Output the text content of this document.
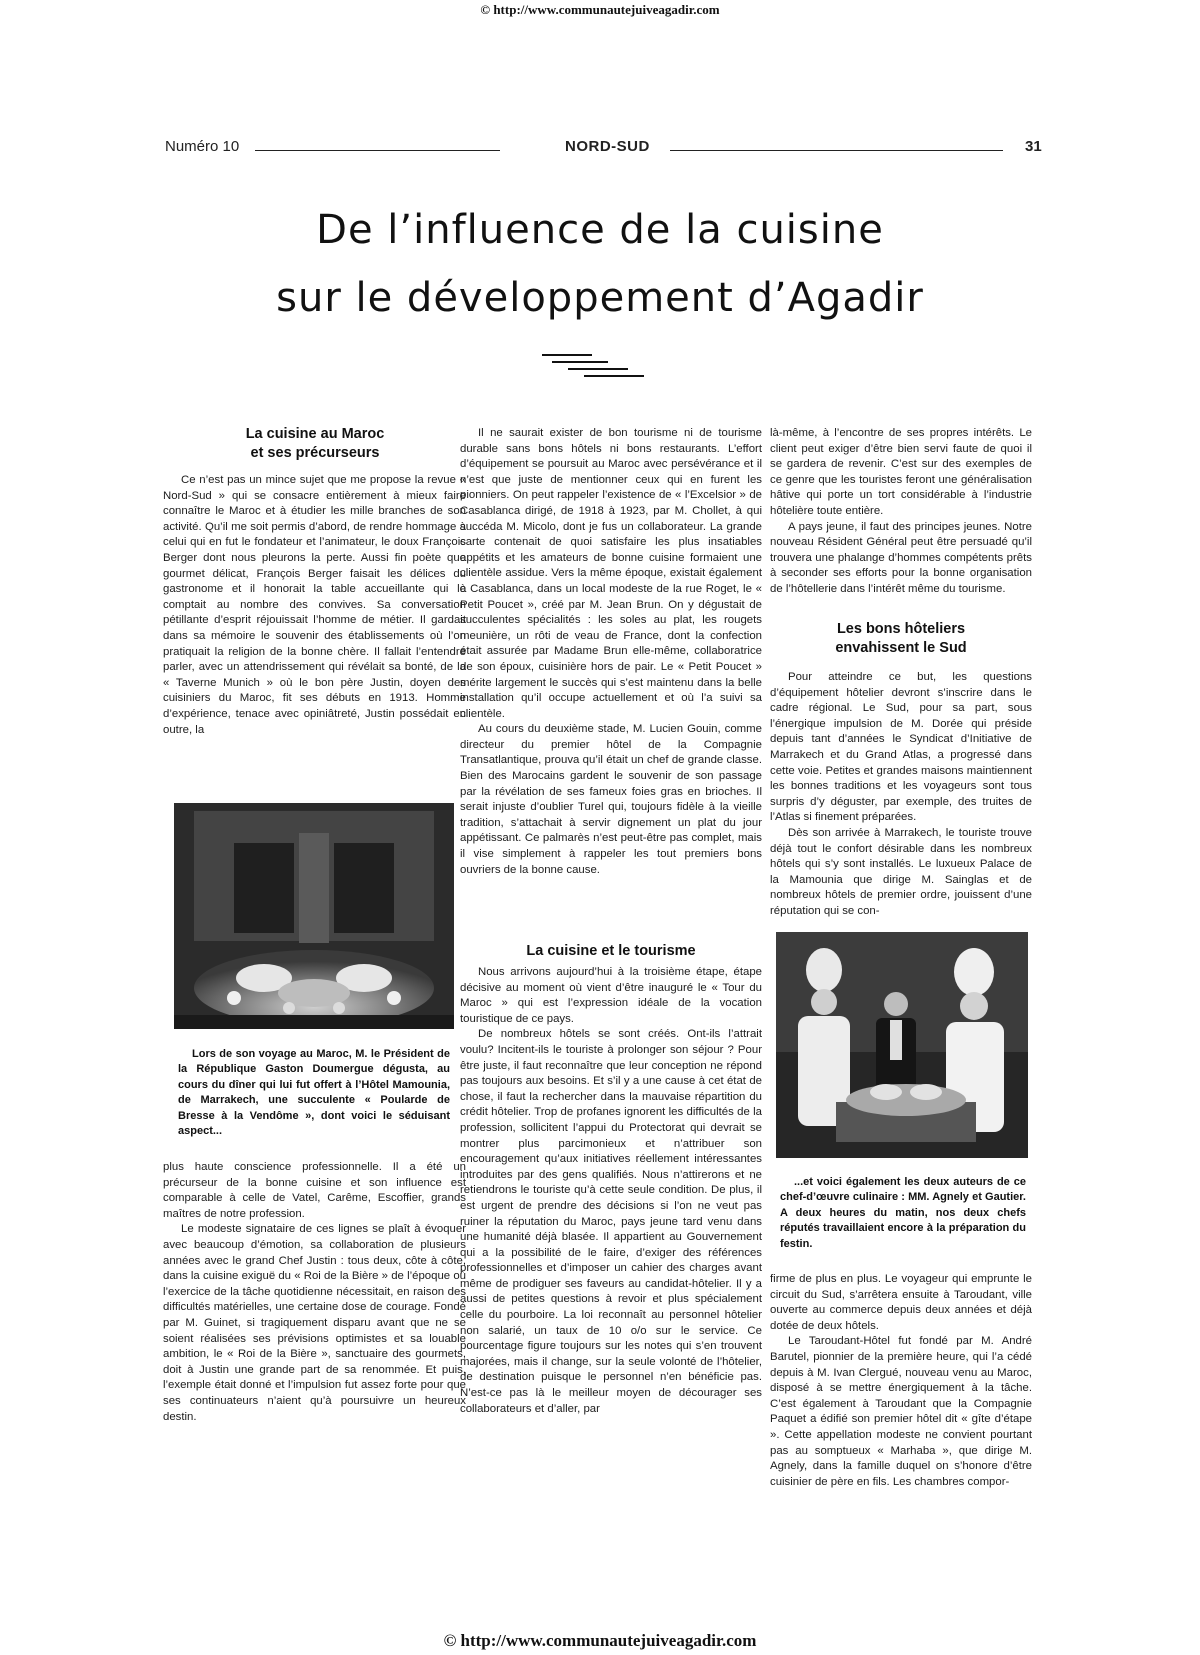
© http://www.communautejuiveagadir.com
Numéro 10	NORD-SUD	31
De l’influence de la cuisine
sur le développement d’Agadir
La cuisine au Maroc
et ses précurseurs

Ce n’est pas un mince sujet que me propose la revue « Nord-Sud » qui se consacre entièrement à mieux faire connaître le Maroc et à étudier les mille branches de son activité. Qu’il me soit permis d’abord, de rendre hommage à celui qui en fut le fondateur et l’animateur, le doux François Berger dont nous pleurons la perte. Aussi fin poète que gourmet délicat, François Berger faisait les délices du gastronome et il honorait la table accueillante qui le comptait au nombre des convives. Sa conversation pétillante d’esprit réjouissait l’homme de métier. Il gardait dans sa mémoire le souvenir des établissements où l’on pratiquait la religion de la bonne chère. Il fallait l’entendre parler, avec un attendrissement qui révélait sa bonté, de la « Taverne Munich » où le bon père Justin, doyen des cuisiniers du Maroc, fit ses débuts en 1913. Homme d’expérience, tenace avec opiniâtreté, Justin possédait en outre, la

Lors de son voyage au Maroc, M. le Président de la République Gaston Doumergue dégusta, au cours du dîner qui lui fut offert à l’Hôtel Mamounia, de Marrakech, une succulente « Poularde de Bresse à la Vendôme », dont voici le séduisant aspect...

plus haute conscience professionnelle. Il a été un précurseur de la bonne cuisine et son influence est comparable à celle de Vatel, Carême, Escoffier, grands maîtres de notre profession.

Le modeste signataire de ces lignes se plaît à évoquer avec beaucoup d’émotion, sa collaboration de plusieurs années avec le grand Chef Justin : tous deux, côte à côte, dans la cuisine exiguë du « Roi de la Bière » de l’époque où l’exercice de la tâche quotidienne nécessitait, en raison des difficultés matérielles, une certaine dose de courage. Fondé par M. Guinet, si tragiquement disparu avant que ne se soient réalisées ses prévisions optimistes et sa louable ambition, le « Roi de la Bière », sanctuaire des gourmets, doit à Justin une grande part de sa renommée. Et puis, l’exemple était donné et l’impulsion fut assez forte pour que ses continuateurs n’aient qu’à poursuivre un heureux destin.

Il ne saurait exister de bon tourisme ni de tourisme durable sans bons hôtels ni bons restaurants. L’effort d’équipement se poursuit au Maroc avec persévérance et il n’est que juste de mentionner ceux qui en furent les pionniers. On peut rappeler l’existence de « l’Excelsior » de Casablanca dirigé, de 1918 à 1923, par M. Chollet, à qui succéda M. Micolo, dont je fus un collaborateur. La grande carte contenait de quoi satisfaire les plus insatiables appétits et les amateurs de bonne cuisine formaient une clientèle assidue. Vers la même époque, existait également à Casablanca, dans un local modeste de la rue Roget, le « Petit Poucet », créé par M. Jean Brun. On y dégustait de succulentes spécialités : les soles au plat, les rougets meunière, un rôti de veau de France, dont la confection était assurée par Madame Brun elle-même, collaboratrice de son époux, cuisinière hors de pair. Le « Petit Poucet » mérite largement le succès qui s’est maintenu dans la belle installation qu’il occupe actuellement et où l’a suivi sa clientèle.

Au cours du deuxième stade, M. Lucien Gouin, comme directeur du premier hôtel de la Compagnie Transatlantique, prouva qu’il était un chef de grande classe. Bien des Marocains gardent le souvenir de son passage par la révélation de ses fameux foies gras en brioches. Il serait injuste d’oublier Turel qui, toujours fidèle à la vieille tradition, s’attachait à servir dignement un plat du jour appétissant. Ce palmarès n’est peut-être pas complet, mais il vise simplement à rappeler les tout premiers bons ouvriers de la bonne cause.

La cuisine et le tourisme

Nous arrivons aujourd’hui à la troisième étape, étape décisive au moment où vient d’être inauguré le « Tour du Maroc » qui est l’expression idéale de la vocation touristique de ce pays.

De nombreux hôtels se sont créés. Ont-ils l’attrait voulu? Incitent-ils le touriste à prolonger son séjour ? Pour être juste, il faut reconnaître que leur conception ne répond pas toujours aux besoins. Et s’il y a une cause à cet état de chose, il faut la rechercher dans la mauvaise répartition du crédit hôtelier. Trop de profanes ignorent les difficultés de la profession, sollicitent l’appui du Protectorat qui devrait se montrer plus parcimonieux et n’attribuer son encouragement qu’aux initiatives réellement intéressantes introduites par des gens qualifiés. Nous n’attirerons et ne retiendrons le touriste qu’à cette seule condition. De plus, il est urgent de prendre des décisions si l’on ne veut pas ruiner la réputation du Maroc, pays jeune tard venu dans une humanité déjà blasée. Il appartient au Gouvernement qui a la possibilité de le faire, d’exiger des références professionnelles et d’imposer un cahier des charges avant même de prodiguer ses faveurs au candidat-hôtelier. Il y a aussi de petites questions à revoir et plus spécialement celle du pourboire. La loi reconnaît au personnel hôtelier non salarié, un taux de 10 o/o sur le service. Ce pourcentage figure toujours sur les notes qui s’en trouvent majorées, mais il change, sur la seule volonté de l’hôtelier, de destination puisque le personnel n’en bénéficie pas. N’est-ce pas là le meilleur moyen de décourager ses collaborateurs et d’aller, par

là-même, à l’encontre de ses propres intérêts. Le client peut exiger d’être bien servi faute de quoi il se gardera de revenir. C’est sur des exemples de ce genre que les touristes feront une généralisation hâtive qui porte un tort considérable à l’industrie hôtelière toute entière.

A pays jeune, il faut des principes jeunes. Notre nouveau Résident Général peut être persuadé qu’il trouvera une phalange d’hommes compétents prêts à seconder ses efforts pour la bonne organisation de l’hôtellerie dans l’intérêt même du tourisme.

Les bons hôteliers
envahissent le Sud

Pour atteindre ce but, les questions d’équipement hôtelier devront s’inscrire dans le cadre régional. Le Sud, pour sa part, sous l’énergique impulsion de M. Dorée qui préside depuis tant d’années le Syndicat d’Initiative de Marrakech et du Grand Atlas, a progressé dans cette voie. Petites et grandes maisons maintiennent les bonnes traditions et les voyageurs sont tous surpris d’y déguster, par exemple, des truites de l’Atlas si finement préparées.

Dès son arrivée à Marrakech, le touriste trouve déjà tout le confort désirable dans les nombreux hôtels qui s’y sont installés. Le luxueux Palace de la Mamounia que dirige M. Sainglas et de nombreux hôtels de premier ordre, jouissent d’une réputation qui se con-

...et voici également les deux auteurs de ce chef-d’œuvre culinaire : MM. Agnely et Gautier. A deux heures du matin, nos deux chefs réputés travaillaient encore à la préparation du festin.

firme de plus en plus. Le voyageur qui emprunte le circuit du Sud, s’arrêtera ensuite à Taroudant, ville ouverte au commerce depuis deux années et déjà dotée de deux hôtels.

Le Taroudant-Hôtel fut fondé par M. André Barutel, pionnier de la première heure, qui l’a cédé depuis à M. Ivan Clergué, nouveau venu au Maroc, disposé à se mettre énergiquement à la tâche. C’est également à Taroudant que la Compagnie Paquet a édifié son premier hôtel dit « gîte d’étape ». Cette appellation modeste ne convient pourtant pas au somptueux « Marhaba », que dirige M. Agnely, dans la famille duquel on s’honore d’être cuisinier de père en fils. Les chambres compor-

© http://www.communautejuiveagadir.com
